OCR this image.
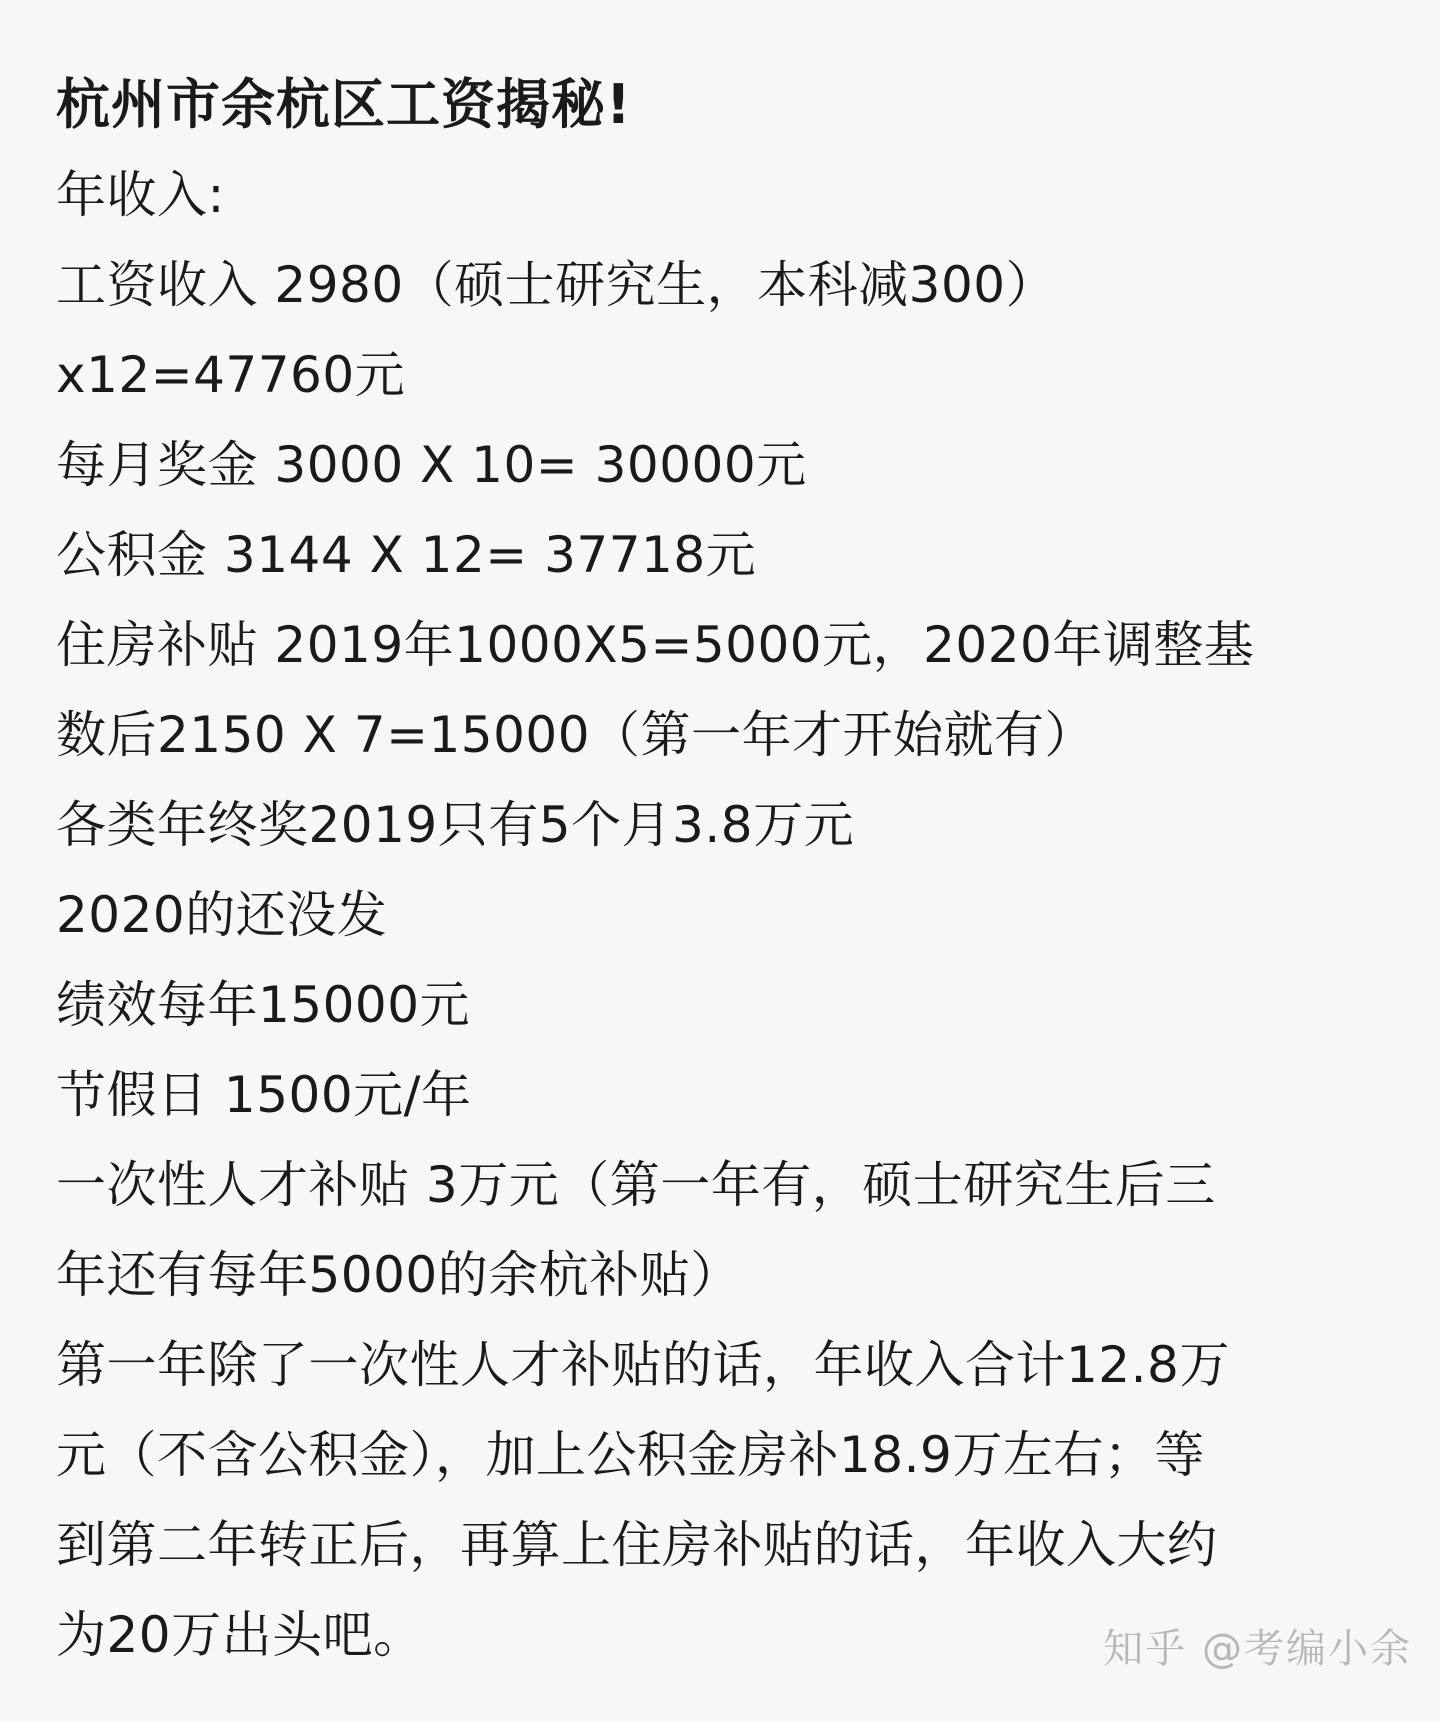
杭州市余杭区工资揭秘!
年收入:
工资收入 2980（硕士研究生，本科减300）
x12=47760元
每月奖金 3000 X 10= 30000元
公积金 3144 X 12= 37718元
住房补贴 2019年1000X5=5000元，2020年调整基
数后2150 X 7=15000（第一年才开始就有）
各类年终奖2019只有5个月3.8万元
2020的还没发
绩效每年15000元
节假日 1500元/年
一次性人才补贴 3万元（第一年有，硕士研究生后三
年还有每年5000的余杭补贴）
第一年除了一次性人才补贴的话，年收入合计12.8万
元（不含公积金），加上公积金房补18.9万左右；等
到第二年转正后，再算上住房补贴的话，年收入大约
为20万出头吧。	知乎 @考编小余
